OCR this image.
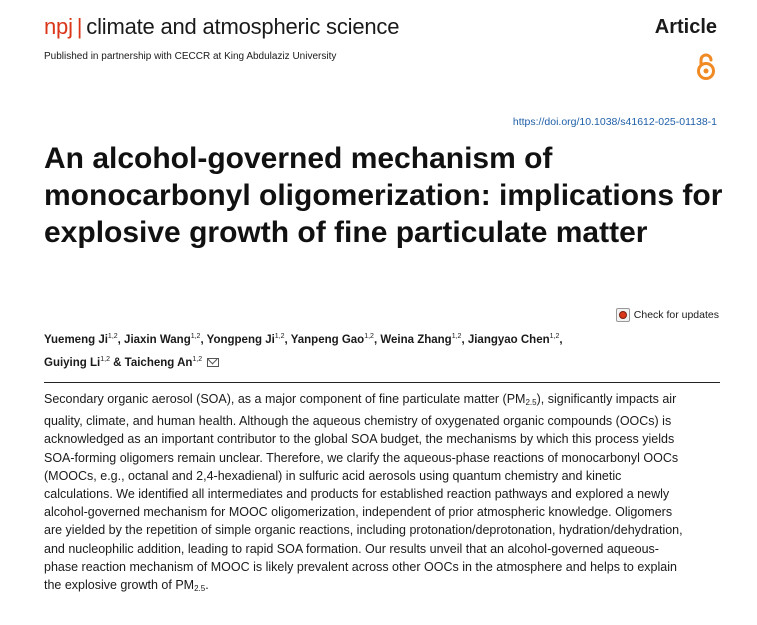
npj | climate and atmospheric science	Article
Published in partnership with CECCR at King Abdulaziz University
https://doi.org/10.1038/s41612-025-01138-1
An alcohol-governed mechanism of monocarbonyl oligomerization: implications for explosive growth of fine particulate matter
Check for updates
Yuemeng Ji$^{1,2}$, Jiaxin Wang$^{1,2}$, Yongpeng Ji$^{1,2}$, Yanpeng Gao$^{1,2}$, Weina Zhang$^{1,2}$, Jiangyao Chen$^{1,2}$,
Guiying Li$^{1,2}$ & Taicheng An$^{1,2}$

Secondary organic aerosol (SOA), as a major component of fine particulate matter $(PM_{2.5})$, significantly impacts air quality, climate, and human health. Although the aqueous chemistry of oxygenated organic compounds (OOCs) is acknowledged as an important contributor to the global SOA budget, the mechanisms by which this process yields SOA-forming oligomers remain unclear. Therefore, we clarify the aqueous-phase reactions of monocarbonyl OOCs (MOOCs, e.g., octanal and 2,4-hexadienal) in sulfuric acid aerosols using quantum chemistry and kinetic calculations. We identified all intermediates and products for established reaction pathways and explored a newly alcohol-governed mechanism for MOOC oligomerization, independent of prior atmospheric knowledge. Oligomers are yielded by the repetition of simple organic reactions, including protonation/deprotonation, hydration/dehydration, and nucleophilic addition, leading to rapid SOA formation. Our results unveil that an alcohol-governed aqueous-phase reaction mechanism of MOOC is likely prevalent across other OOCs in the atmosphere and helps to explain the explosive growth of $PM_{2.5}$.
